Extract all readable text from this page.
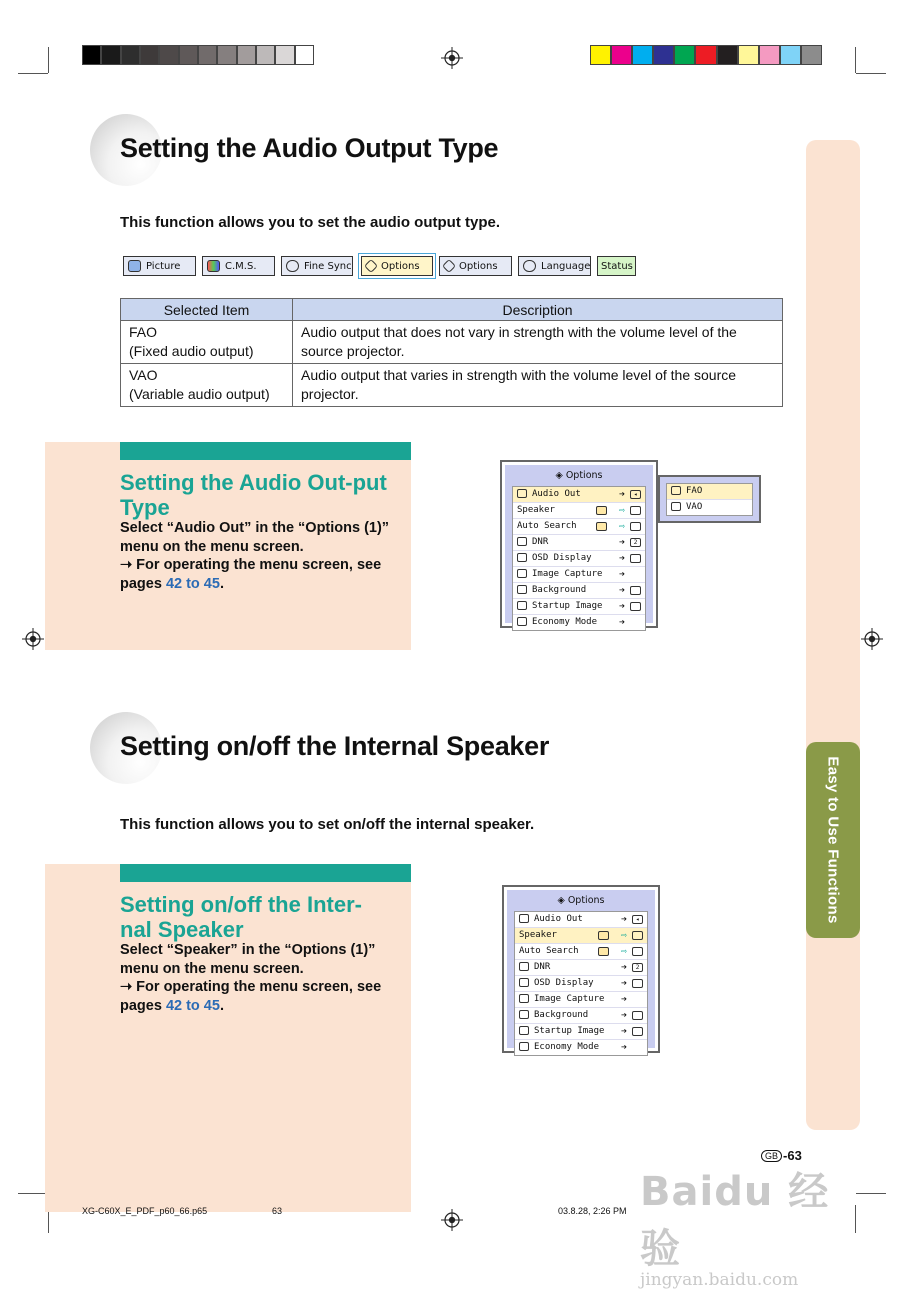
Easy to Use Functions
Setting the Audio Output Type
This function allows you to set the audio output type.
Picture	C.M.S.	Fine Sync	Options	Options	Language	Status
Selected Item	Description
FAO
(Fixed audio output)	Audio output that does not vary in strength with the volume level of the source projector.
VAO
(Variable audio output)	Audio output that varies in strength with the volume level of the source projector.
Setting the Audio Out-put Type
Select “Audio Out” in the “Options (1)” menu on the menu screen.
➝ For operating the menu screen, see pages 42 to 45.
◈ Options
Audio Out	➔	◂
Speaker	⇨
Auto Search	⇨
DNR	➔	2
OSD Display	➔
Image Capture ➔
Background	➔
Startup Image ➔
Economy Mode ➔
FAO
VAO
Setting on/off the Internal Speaker
This function allows you to set on/off the internal speaker.
Setting on/off the Inter-nal Speaker
Select “Speaker” in the “Options (1)” menu on the menu screen.
➝ For operating the menu screen, see pages 42 to 45.
◈ Options
Audio Out	➔	◂
Speaker	⇨
Auto Search	⇨
DNR	➔	2
OSD Display	➔
Image Capture ➔
Background	➔
Startup Image ➔
Economy Mode ➔
GB -63
Baidu 经验
jingyan.baidu.com
XG-C60X_E_PDF_p60_66.p65	63	03.8.28, 2:26 PM
